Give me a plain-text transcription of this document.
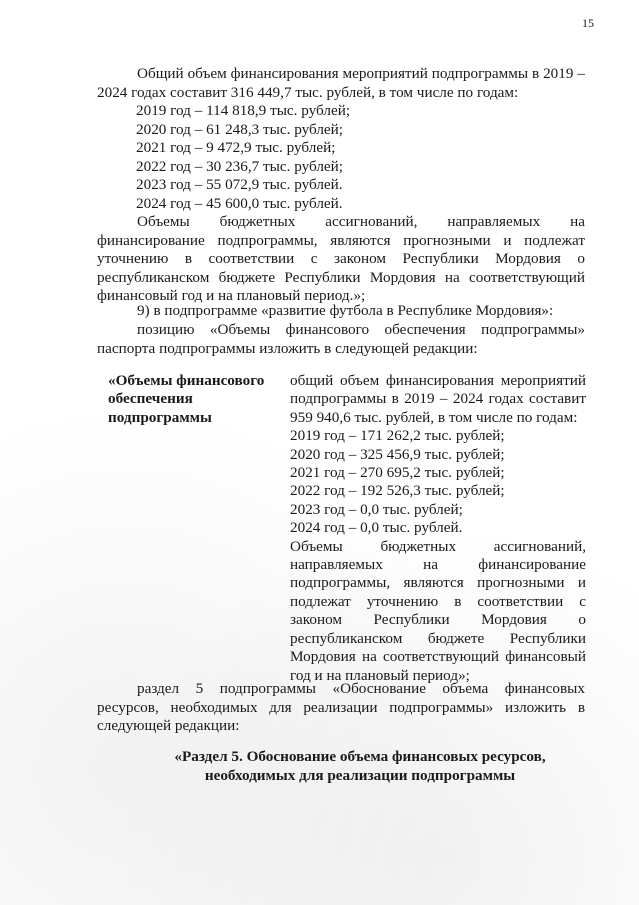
15
Общий объем финансирования мероприятий подпрограммы в 2019 – 2024 годах составит 316 449,7 тыс. рублей, в том числе по годам:
2019 год – 114 818,9 тыс. рублей;
2020 год – 61 248,3 тыс. рублей;
2021 год – 9 472,9 тыс. рублей;
2022 год – 30 236,7 тыс. рублей;
2023 год – 55 072,9 тыс. рублей.
2024 год – 45 600,0 тыс. рублей.
Объемы бюджетных ассигнований, направляемых на финансирование подпрограммы, являются прогнозными и подлежат уточнению в соответствии с законом Республики Мордовия о республиканском бюджете Республики Мордовия на соответствующий финансовый год и на плановый период.»;
9) в подпрограмме «развитие футбола в Республике Мордовия»:
позицию «Объемы финансового обеспечения подпрограммы» паспорта подпрограммы изложить в следующей редакции:
«Объемы финансового обеспечения подпрограммы
общий объем финансирования мероприятий подпрограммы в 2019 – 2024 годах составит 959 940,6 тыс. рублей, в том числе по годам:
2019 год – 171 262,2 тыс. рублей;
2020 год – 325 456,9 тыс. рублей;
2021 год – 270 695,2 тыс. рублей;
2022 год – 192 526,3 тыс. рублей;
2023 год – 0,0 тыс. рублей;
2024 год – 0,0 тыс. рублей.
Объемы бюджетных ассигнований, направляемых на финансирование подпрограммы, являются прогнозными и подлежат уточнению в соответствии с законом Республики Мордовия о республиканском бюджете Республики Мордовия на соответствующий финансовый год и на плановый период»;
раздел 5 подпрограммы «Обоснование объема финансовых ресурсов, необходимых для реализации подпрограммы» изложить в следующей редакции:
«Раздел 5. Обоснование объема финансовых ресурсов,
необходимых для реализации подпрограммы
